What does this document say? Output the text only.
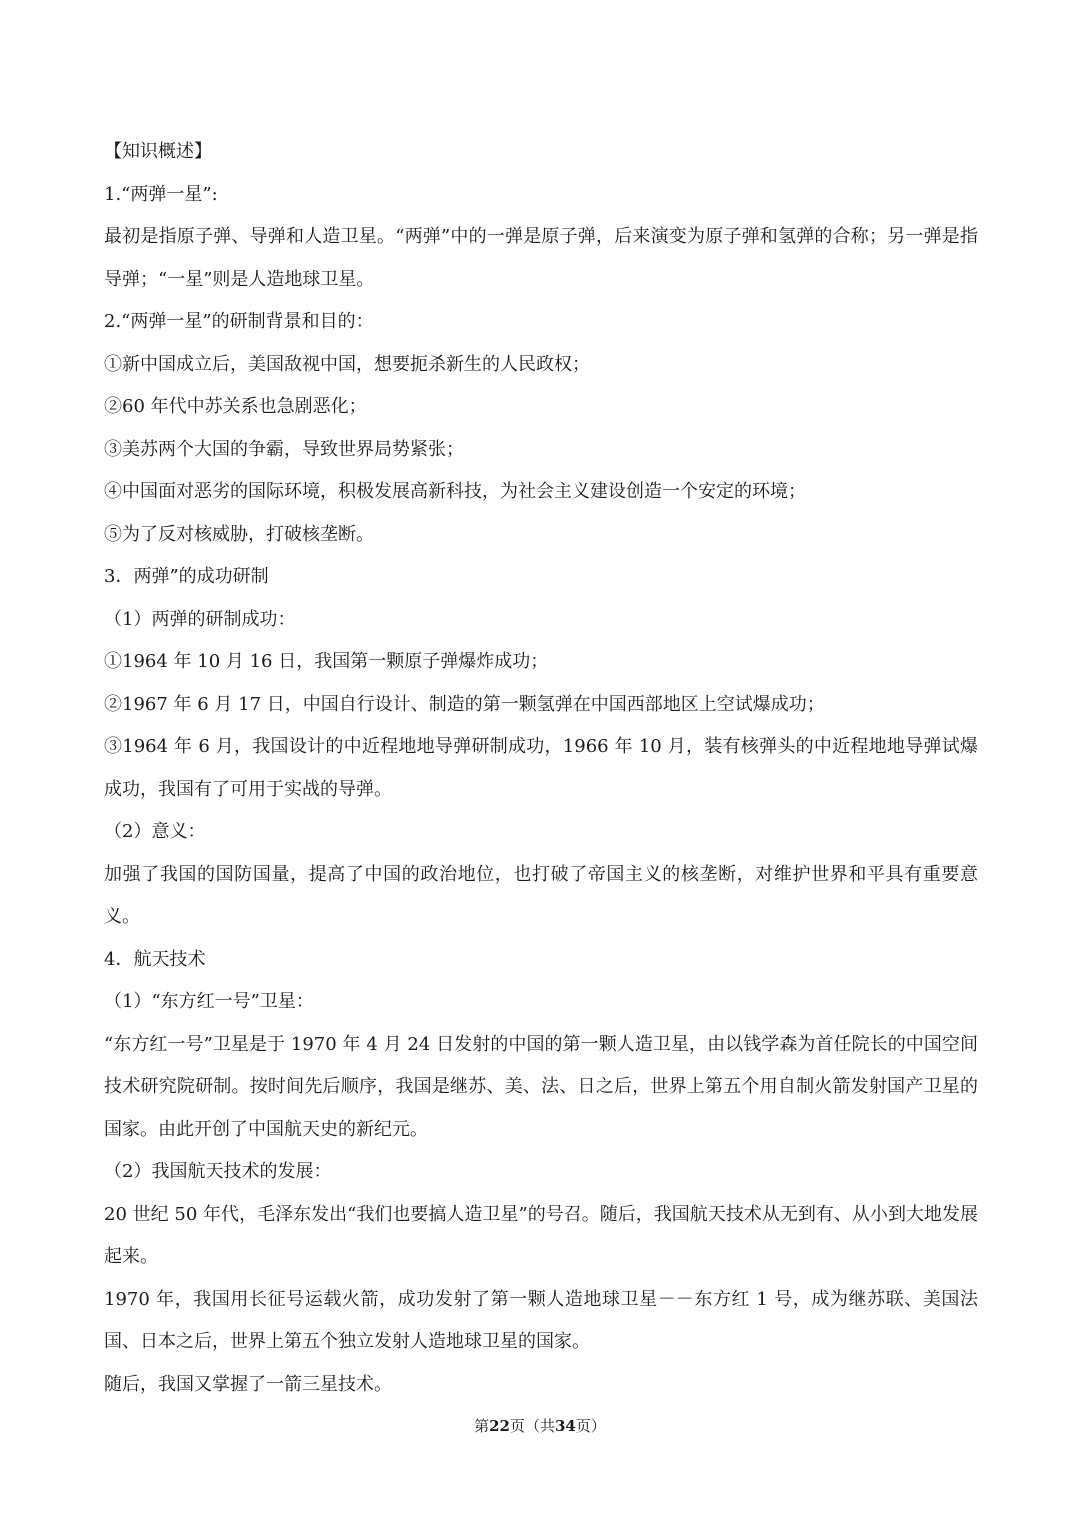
【知识概述】
1.“两弹一星”:
最初是指原子弹、导弹和人造卫星。“两弹”中的一弹是原子弹，后来演变为原子弹和氢弹的合称；另一弹是指导弹；“一星”则是人造地球卫星。
2.“两弹一星”的研制背景和目的：
①新中国成立后，美国敌视中国，想要扼杀新生的人民政权；
②60 年代中苏关系也急剧恶化；
③美苏两个大国的争霸，导致世界局势紧张；
④中国面对恶劣的国际环境，积极发展高新科技，为社会主义建设创造一个安定的环境；
⑤为了反对核威胁，打破核垄断。
3．两弹”的成功研制
（1）两弹的研制成功：
①1964 年 10 月 16 日，我国第一颗原子弹爆炸成功；
②1967 年 6 月 17 日，中国自行设计、制造的第一颗氢弹在中国西部地区上空试爆成功；
③1964 年 6 月，我国设计的中近程地地导弹研制成功，1966 年 10 月，装有核弹头的中近程地地导弹试爆成功，我国有了可用于实战的导弹。
（2）意义：
加强了我国的国防国量，提高了中国的政治地位，也打破了帝国主义的核垄断，对维护世界和平具有重要意义。
4．航天技术
（1）“东方红一号”卫星：
“东方红一号”卫星是于 1970 年 4 月 24 日发射的中国的第一颗人造卫星，由以钱学森为首任院长的中国空间技术研究院研制。按时间先后顺序，我国是继苏、美、法、日之后，世界上第五个用自制火箭发射国产卫星的国家。由此开创了中国航天史的新纪元。
（2）我国航天技术的发展：
20 世纪 50 年代，毛泽东发出“我们也要搞人造卫星”的号召。随后，我国航天技术从无到有、从小到大地发展起来。
1970 年，我国用长征号运载火箭，成功发射了第一颗人造地球卫星－－东方红 1 号，成为继苏联、美国法国、日本之后，世界上第五个独立发射人造地球卫星的国家。
随后，我国又掌握了一箭三星技术。
第22页（共34页）
